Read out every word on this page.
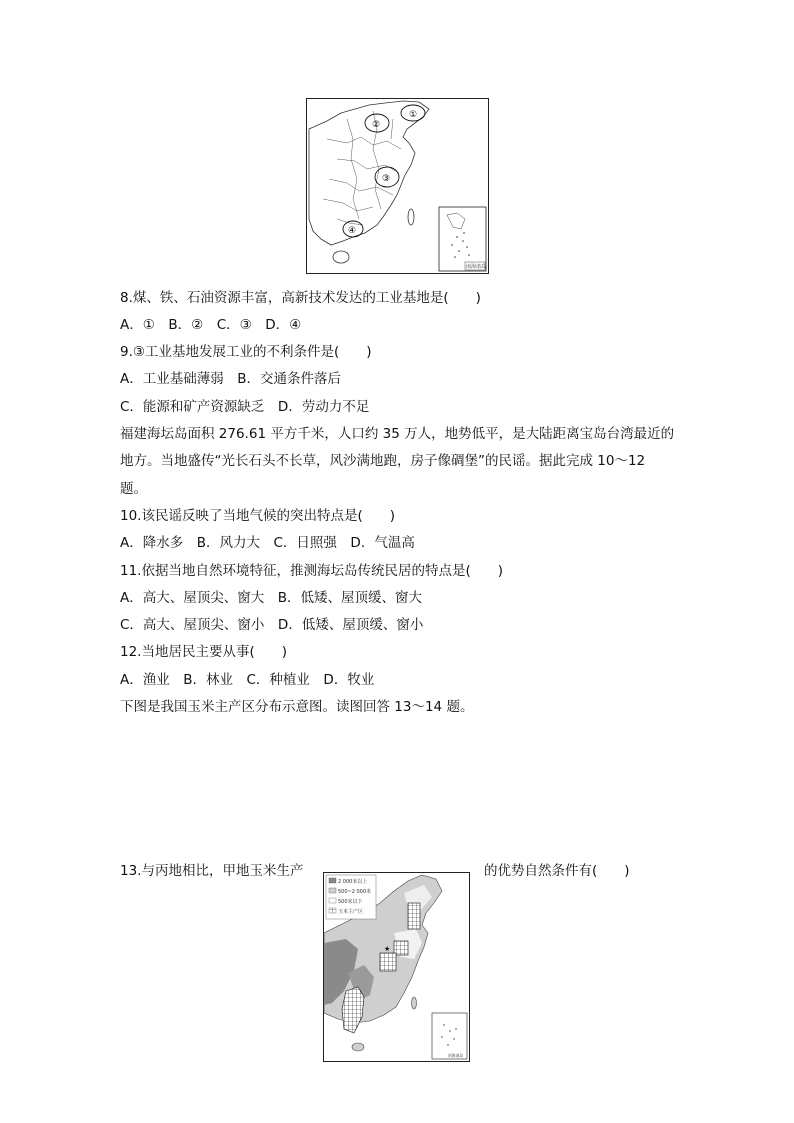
①
②
③
④
南海诸岛
8.煤、铁、石油资源丰富，高新技术发达的工业基地是(　　)
A．①　B．②　C．③　D．④
9.③工业基地发展工业的不利条件是(　　)
A．工业基础薄弱　B．交通条件落后
C．能源和矿产资源缺乏　D．劳动力不足
福建海坛岛面积 276.61 平方千米，人口约 35 万人，地势低平，是大陆距离宝岛台湾最近的
地方。当地盛传“光长石头不长草，风沙满地跑，房子像碉堡”的民谣。据此完成 10～12
题。
10.该民谣反映了当地气候的突出特点是(　　)
A．降水多　B．风力大　C．日照强　D．气温高
11.依据当地自然环境特征，推测海坛岛传统民居的特点是(　　)
A．高大、屋顶尖、窗大　B．低矮、屋顶缓、窗大
C．高大、屋顶尖、窗小　D．低矮、屋顶缓、窗小
12.当地居民主要从事(　　)
A．渔业　B．林业　C．种植业　D．牧业
下图是我国玉米主产区分布示意图。读图回答 13～14 题。
13.与丙地相比，甲地玉米生产	的优势自然条件有(　　)
★
2 000米以上
500~2 000米
500米以下
玉米主产区
南海诸岛
